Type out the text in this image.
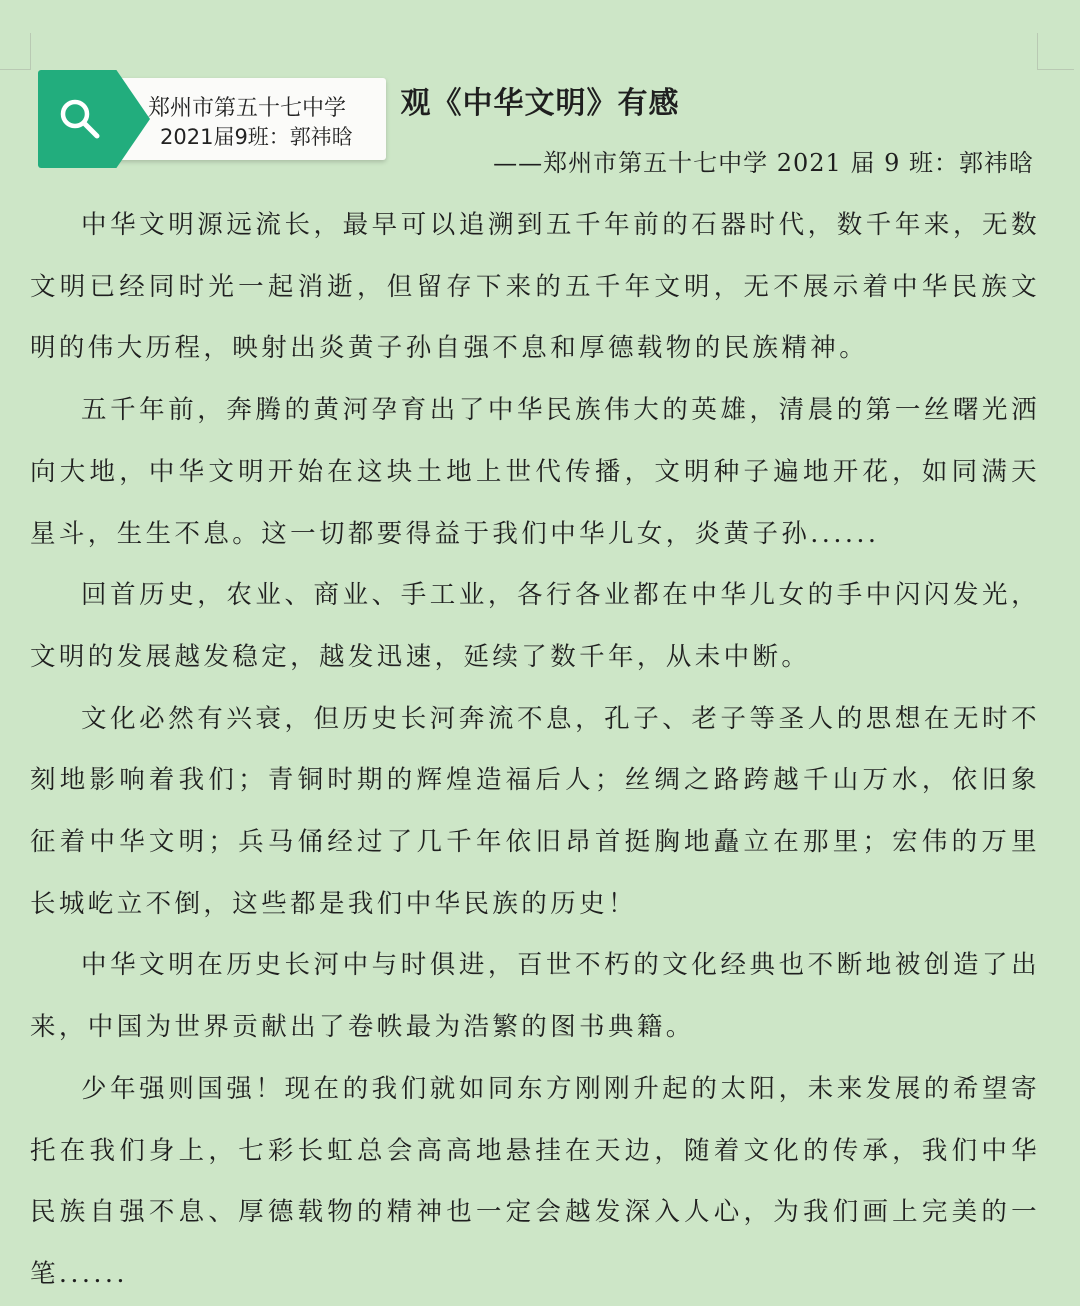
观《中华文明》有感
——郑州市第五十七中学 2021 届 9 班：郭祎晗

中华文明源远流长，最早可以追溯到五千年前的石器时代，数千年来，无数文明已经同时光一起消逝，但留存下来的五千年文明，无不展示着中华民族文明的伟大历程，映射出炎黄子孙自强不息和厚德载物的民族精神。

五千年前，奔腾的黄河孕育出了中华民族伟大的英雄，清晨的第一丝曙光洒向大地，中华文明开始在这块土地上世代传播，文明种子遍地开花，如同满天星斗，生生不息。这一切都要得益于我们中华儿女，炎黄子孙......

回首历史，农业、商业、手工业，各行各业都在中华儿女的手中闪闪发光，文明的发展越发稳定，越发迅速，延续了数千年，从未中断。

文化必然有兴衰，但历史长河奔流不息，孔子、老子等圣人的思想在无时不刻地影响着我们；青铜时期的辉煌造福后人；丝绸之路跨越千山万水，依旧象征着中华文明；兵马俑经过了几千年依旧昂首挺胸地矗立在那里；宏伟的万里长城屹立不倒，这些都是我们中华民族的历史！

中华文明在历史长河中与时俱进，百世不朽的文化经典也不断地被创造了出来，中国为世界贡献出了卷帙最为浩繁的图书典籍。

少年强则国强！现在的我们就如同东方刚刚升起的太阳，未来发展的希望寄托在我们身上，七彩长虹总会高高地悬挂在天边，随着文化的传承，我们中华民族自强不息、厚德载物的精神也一定会越发深入人心，为我们画上完美的一笔......

郑州市第五十七中学
2021届9班：郭祎晗
